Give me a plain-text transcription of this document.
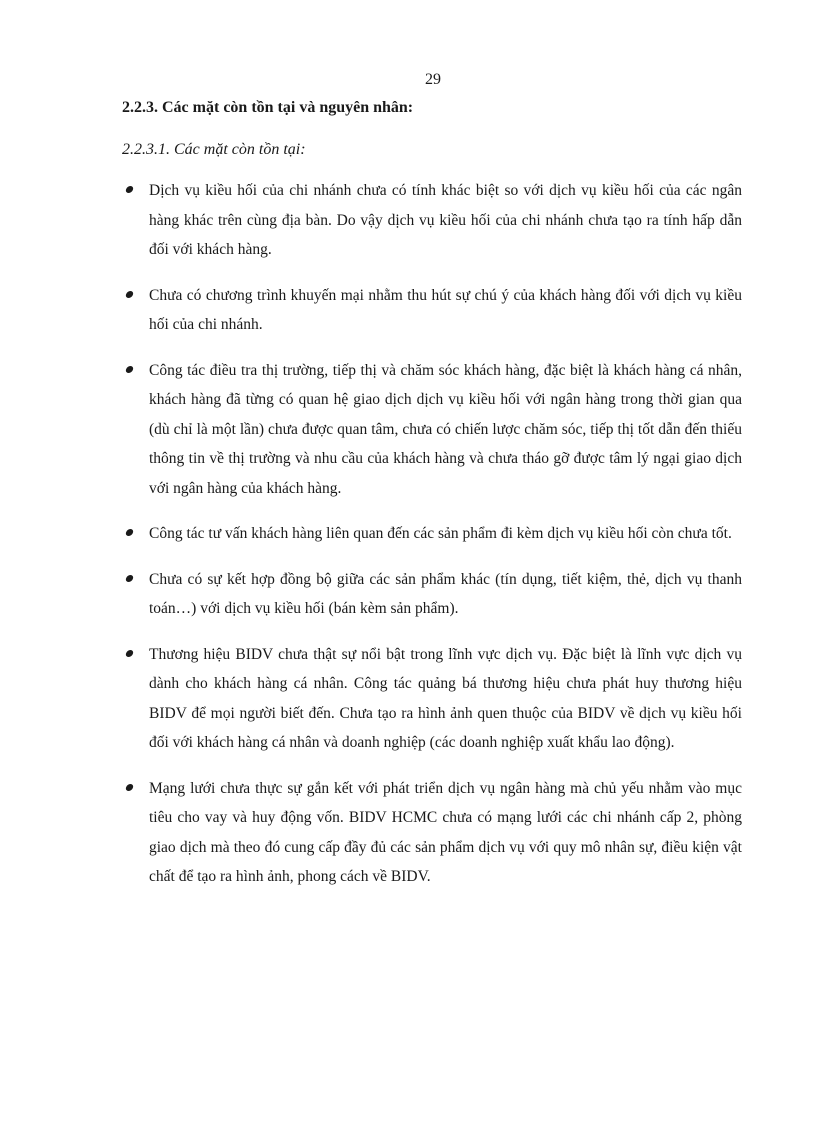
29
2.2.3. Các mặt còn tồn tại và nguyên nhân:
2.2.3.1. Các mặt còn tồn tại:
Dịch vụ kiều hối của chi nhánh chưa có tính khác biệt so với dịch vụ kiều hối của các ngân hàng khác trên cùng địa bàn. Do vậy dịch vụ kiều hối của chi nhánh chưa tạo ra tính hấp dẫn đối với khách hàng.
Chưa có chương trình khuyến mại nhằm thu hút sự chú ý của khách hàng đối với dịch vụ kiều hối của chi nhánh.
Công tác điều tra thị trường, tiếp thị và chăm sóc khách hàng, đặc biệt là khách hàng cá nhân, khách hàng đã từng có quan hệ giao dịch dịch vụ kiều hối với ngân hàng trong thời gian qua (dù chỉ là một lần) chưa được quan tâm, chưa có chiến lược chăm sóc, tiếp thị tốt dẫn đến thiếu thông tin về thị trường và nhu cầu của khách hàng và chưa tháo gỡ được tâm lý ngại giao dịch với ngân hàng của khách hàng.
Công tác tư vấn khách hàng liên quan đến các sản phẩm đi kèm dịch vụ kiều hối còn chưa tốt.
Chưa có sự kết hợp đồng bộ giữa các sản phẩm khác (tín dụng, tiết kiệm, thẻ, dịch vụ thanh toán…) với dịch vụ kiều hối (bán kèm sản phẩm).
Thương hiệu BIDV chưa thật sự nổi bật trong lĩnh vực dịch vụ. Đặc biệt là lĩnh vực dịch vụ dành cho khách hàng cá nhân. Công tác quảng bá thương hiệu chưa phát huy thương hiệu BIDV để mọi người biết đến. Chưa tạo ra hình ảnh quen thuộc của BIDV về dịch vụ kiều hối đối với khách hàng cá nhân và doanh nghiệp (các doanh nghiệp xuất khẩu lao động).
Mạng lưới chưa thực sự gắn kết với phát triển dịch vụ ngân hàng mà chủ yếu nhằm vào mục tiêu cho vay và huy động vốn. BIDV HCMC chưa có mạng lưới các chi nhánh cấp 2, phòng giao dịch mà theo đó cung cấp đầy đủ các sản phẩm dịch vụ với quy mô nhân sự, điều kiện vật chất để tạo ra hình ảnh, phong cách về BIDV.
